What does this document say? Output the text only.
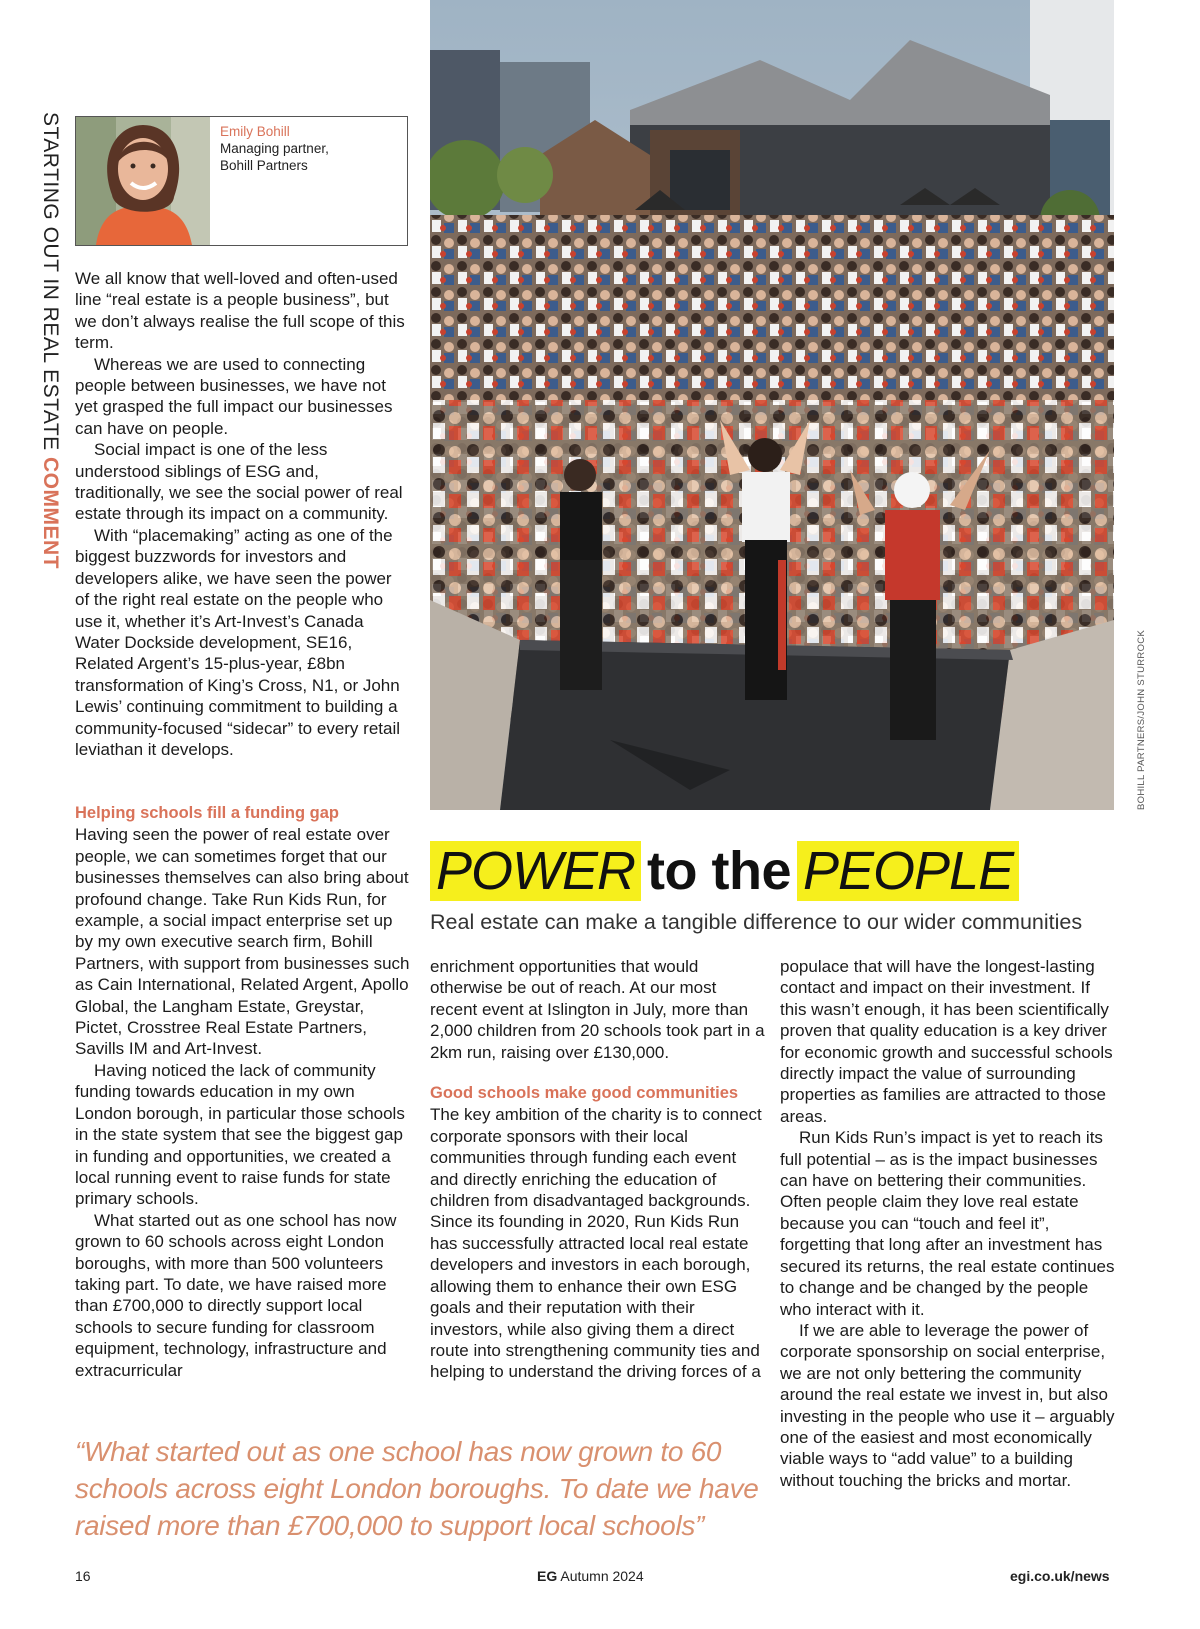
STARTING OUT IN REAL ESTATE COMMENT
Emily Bohill
Managing partner,
Bohill Partners

We all know that well-loved and often-used line “real estate is a people business”, but we don’t always realise the full scope of this term.

Whereas we are used to connecting people between businesses, we have not yet grasped the full impact our businesses can have on people.

Social impact is one of the less understood siblings of ESG and, traditionally, we see the social power of real estate through its impact on a community.

With “placemaking” acting as one of the biggest buzzwords for investors and developers alike, we have seen the power of the right real estate on the people who use it, whether it’s Art-Invest’s Canada Water Dockside development, SE16, Related Argent’s 15-plus-year, £8bn transformation of King’s Cross, N1, or John Lewis’ continuing commitment to building a community-focused “sidecar” to every retail leviathan it develops.

Helping schools fill a funding gap

Having seen the power of real estate over people, we can sometimes forget that our businesses themselves can also bring about profound change. Take Run Kids Run, for example, a social impact enterprise set up by my own executive search firm, Bohill Partners, with support from businesses such as Cain International, Related Argent, Apollo Global, the Langham Estate, Greystar, Pictet, Crosstree Real Estate Partners, Savills IM and Art-Invest.

Having noticed the lack of community funding towards education in my own London borough, in particular those schools in the state system that see the biggest gap in funding and opportunities, we created a local running event to raise funds for state primary schools.

What started out as one school has now grown to 60 schools across eight London boroughs, with more than 500 volunteers taking part. To date, we have raised more than £700,000 to directly support local schools to secure funding for classroom equipment, technology, infrastructure and extracurricular

BOHILL PARTNERS/JOHN STURROCK
POWER to the PEOPLE
Real estate can make a tangible difference to our wider communities

enrichment opportunities that would otherwise be out of reach. At our most recent event at Islington in July, more than 2,000 children from 20 schools took part in a 2km run, raising over £130,000.

Good schools make good communities

The key ambition of the charity is to connect corporate sponsors with their local communities through funding each event and directly enriching the education of children from disadvantaged backgrounds. Since its founding in 2020, Run Kids Run has successfully attracted local real estate developers and investors in each borough, allowing them to enhance their own ESG goals and their reputation with their investors, while also giving them a direct route into strengthening community ties and helping to understand the driving forces of a

populace that will have the longest-lasting contact and impact on their investment. If this wasn’t enough, it has been scientifically proven that quality education is a key driver for economic growth and successful schools directly impact the value of surrounding properties as families are attracted to those areas.

Run Kids Run’s impact is yet to reach its full potential – as is the impact businesses can have on bettering their communities. Often people claim they love real estate because you can “touch and feel it”, forgetting that long after an investment has secured its returns, the real estate continues to change and be changed by the people who interact with it.

If we are able to leverage the power of corporate sponsorship on social enterprise, we are not only bettering the community around the real estate we invest in, but also investing in the people who use it – arguably one of the easiest and most economically viable ways to “add value” to a building without touching the bricks and mortar.

“What started out as one school has now grown to 60 schools across eight London boroughs. To date we have raised more than £700,000 to support local schools”
16	EG Autumn 2024	egi.co.uk/news
